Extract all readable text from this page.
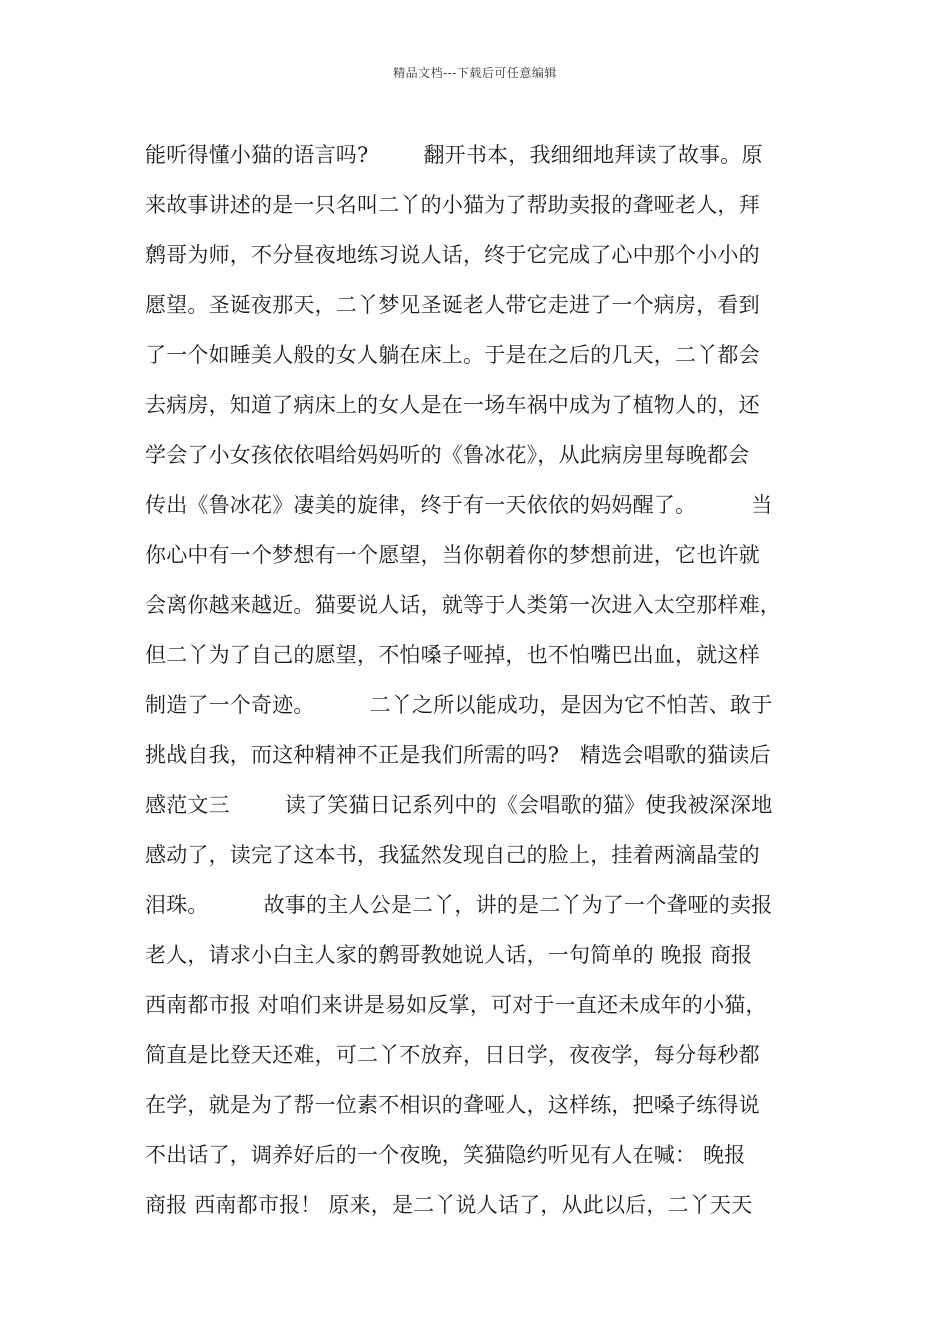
精品文档---下载后可任意编辑
能听得懂小猫的语言吗?        翻开书本，我细细地拜读了故事。原
来故事讲述的是一只名叫二丫的小猫为了帮助卖报的聋哑老人，拜
鹩哥为师，不分昼夜地练习说人话，终于它完成了心中那个小小的
愿望。圣诞夜那天，二丫梦见圣诞老人带它走进了一个病房，看到
了一个如睡美人般的女人躺在床上。于是在之后的几天，二丫都会
去病房，知道了病床上的女人是在一场车祸中成为了植物人的，还
学会了小女孩依依唱给妈妈听的《鲁冰花》，从此病房里每晚都会
传出《鲁冰花》凄美的旋律，终于有一天依依的妈妈醒了。        当
你心中有一个梦想有一个愿望，当你朝着你的梦想前进，它也许就
会离你越来越近。猫要说人话，就等于人类第一次进入太空那样难，
但二丫为了自己的愿望，不怕嗓子哑掉，也不怕嘴巴出血，就这样
制造了一个奇迹。        二丫之所以能成功，是因为它不怕苦、敢于
挑战自我，而这种精神不正是我们所需的吗?   精选会唱歌的猫读后
感范文三        读了笑猫日记系列中的《会唱歌的猫》使我被深深地
感动了，读完了这本书，我猛然发现自己的脸上，挂着两滴晶莹的
泪珠。        故事的主人公是二丫，讲的是二丫为了一个聋哑的卖报
老人，请求小白主人家的鹩哥教她说人话，一句简单的 晚报 商报
西南都市报 对咱们来讲是易如反掌，可对于一直还未成年的小猫，
简直是比登天还难，可二丫不放弃，日日学，夜夜学，每分每秒都
在学，就是为了帮一位素不相识的聋哑人，这样练，把嗓子练得说
不出话了，调养好后的一个夜晚，笑猫隐约听见有人在喊： 晚报
商报 西南都市报！ 原来，是二丫说人话了，从此以后，二丫天天
